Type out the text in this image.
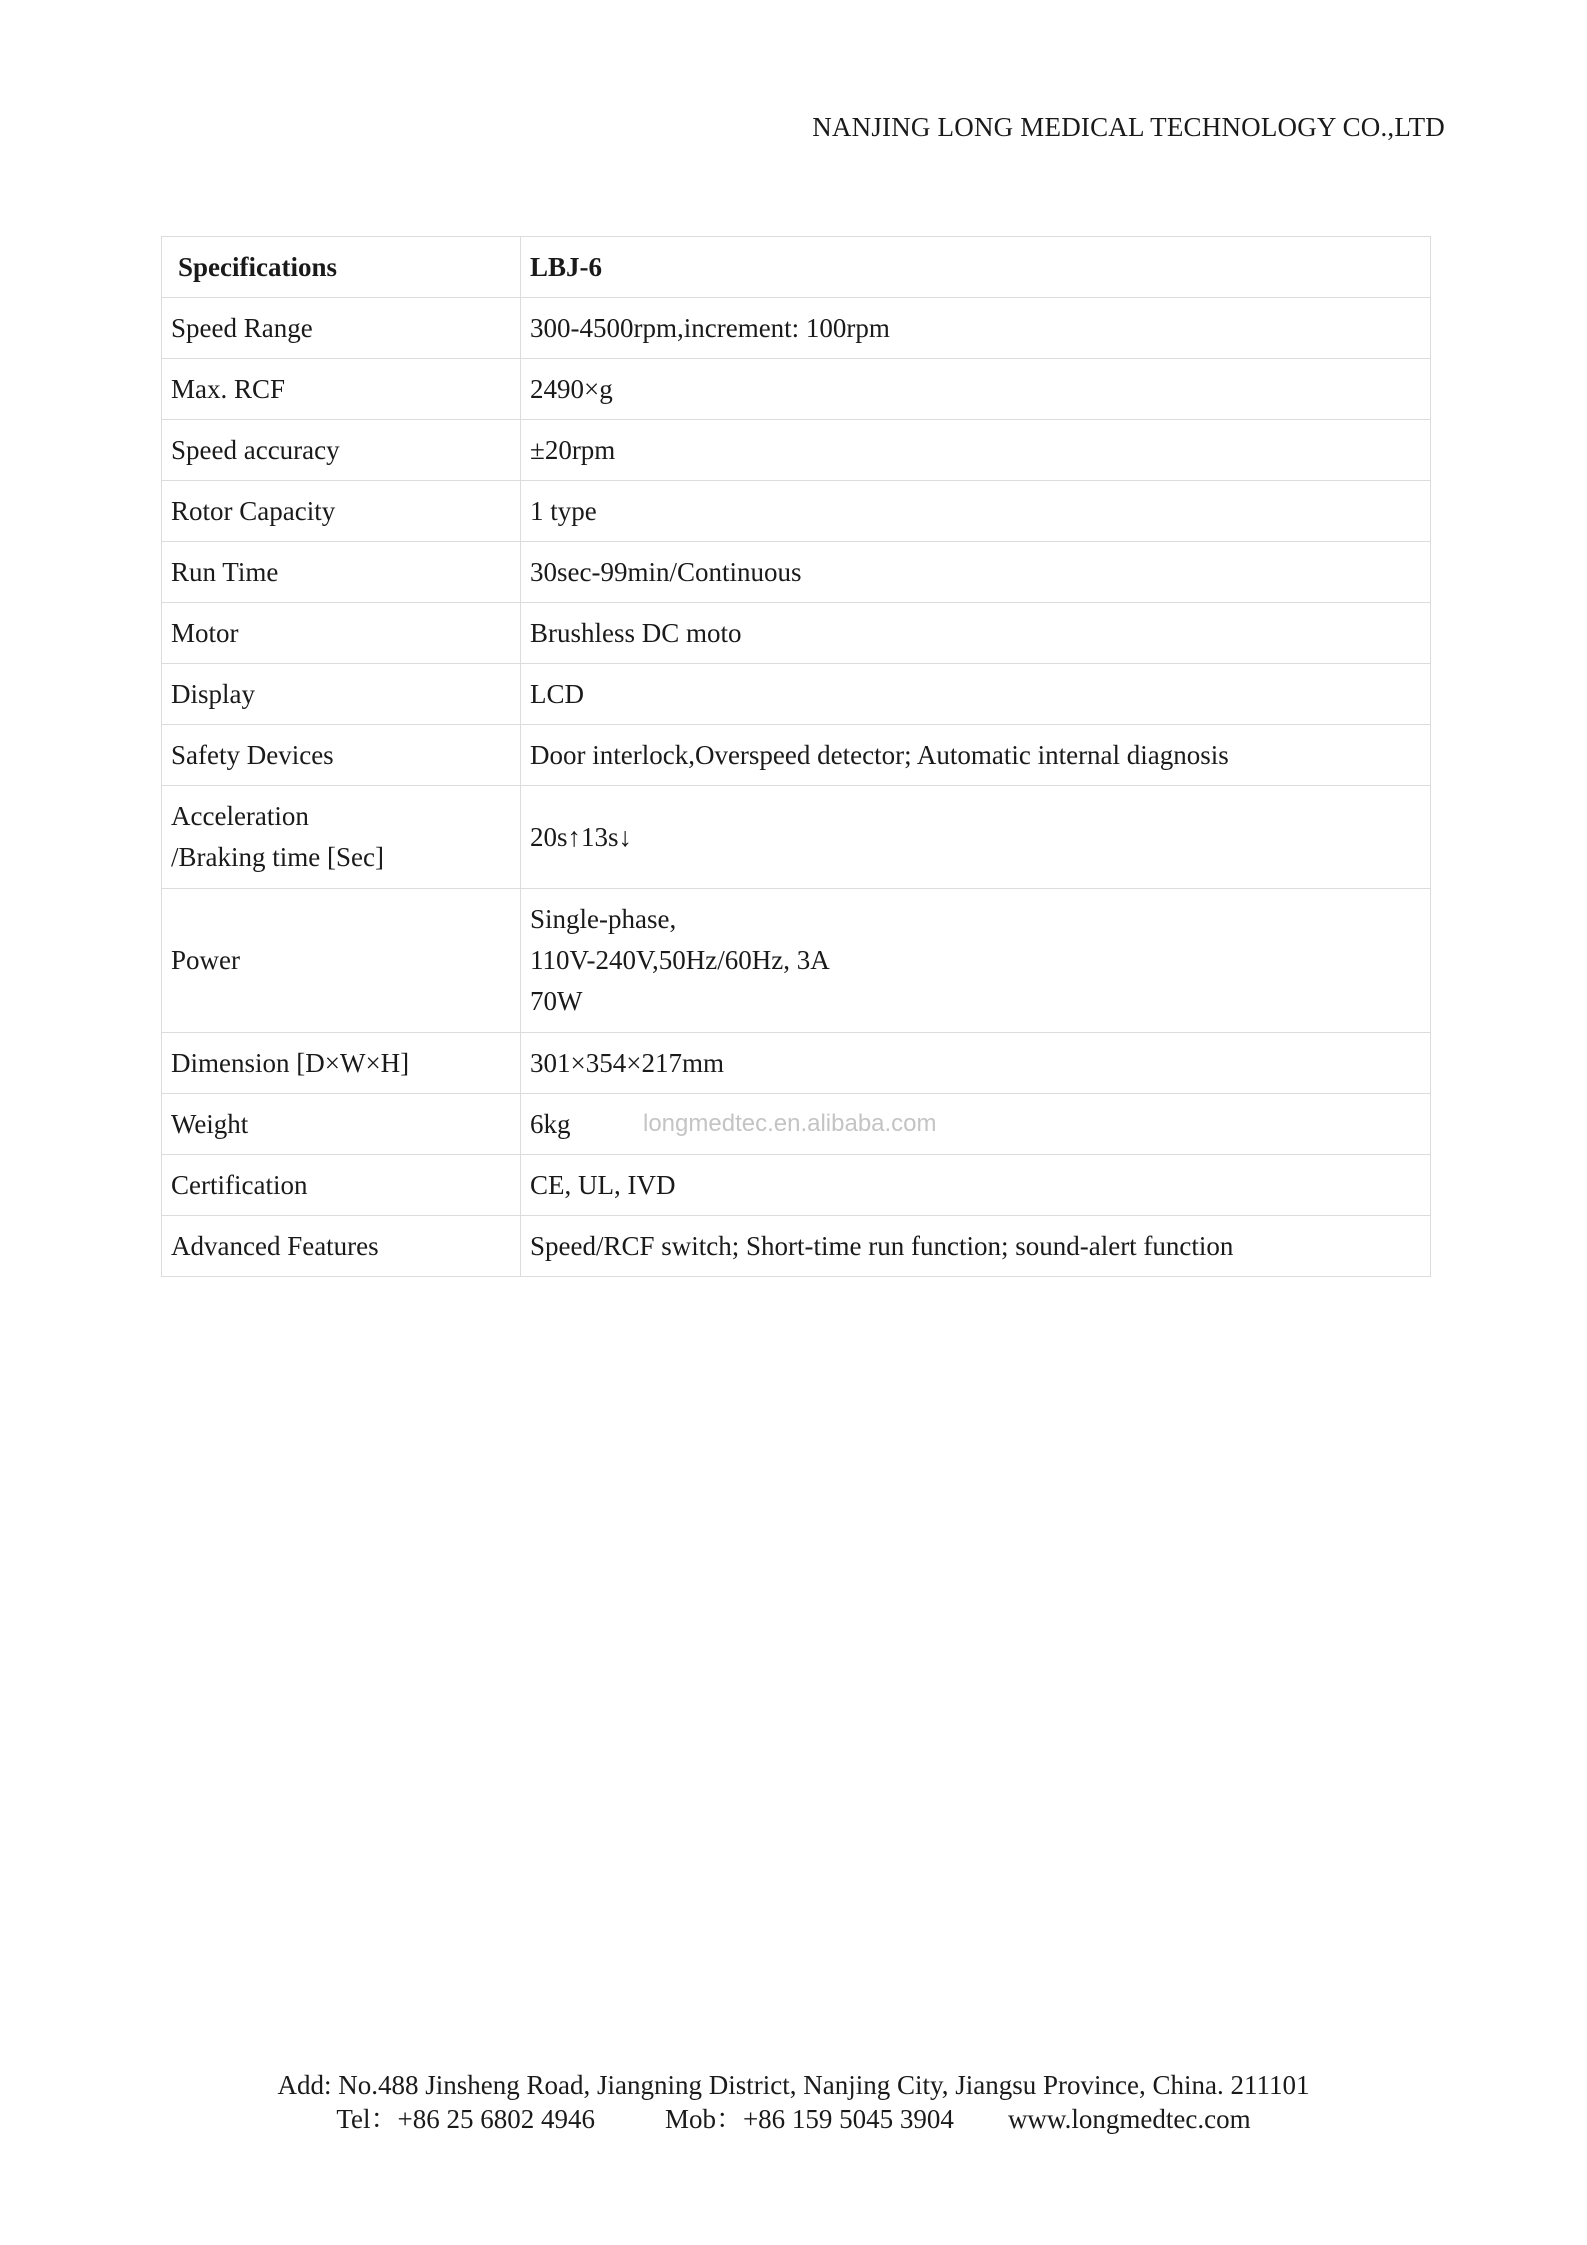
NANJING LONG MEDICAL TECHNOLOGY CO.,LTD
Specifications	LBJ-6
Speed Range	300-4500rpm,increment: 100rpm
Max. RCF	2490×g
Speed accuracy	±20rpm
Rotor Capacity	1 type
Run Time	30sec-99min/Continuous
Motor	Brushless DC moto
Display	LCD
Safety Devices	Door interlock,Overspeed detector; Automatic internal diagnosis

Acceleration
/Braking time [Sec]	20s↑13s↓
Power	Single-phase,
110V-240V,50Hz/60Hz, 3A
70W

Dimension [D×W×H]	301×354×217mm
Weight	6kg
Certification	CE, UL, IVD
Advanced Features	Speed/RCF switch; Short-time run function; sound-alert function
longmedtec.en.alibaba.com
Add: No.488 Jinsheng Road, Jiangning District, Nanjing City, Jiangsu Province, China. 211101
Tel：+86 25 6802 4946	Mob：+86 159 5045 3904 www.longmedtec.com
